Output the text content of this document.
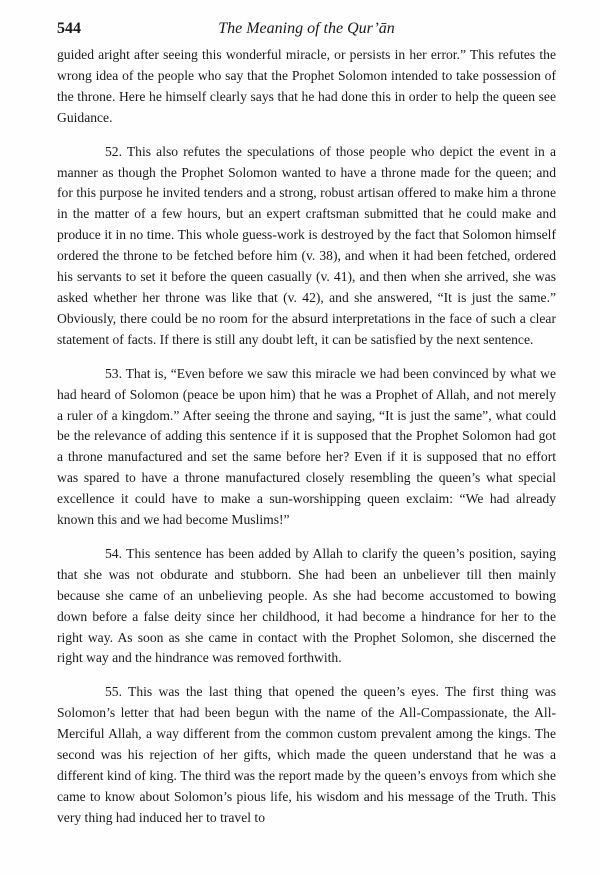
544	The Meaning of the Qur’ān

guided aright after seeing this wonderful miracle, or persists in her error.” This refutes the wrong idea of the people who say that the Prophet Solomon intended to take possession of the throne. Here he himself clearly says that he had done this in order to help the queen see Guidance.

52. This also refutes the speculations of those people who depict the event in a manner as though the Prophet Solomon wanted to have a throne made for the queen; and for this purpose he invited tenders and a strong, robust artisan offered to make him a throne in the matter of a few hours, but an expert craftsman submitted that he could make and produce it in no time. This whole guess-work is destroyed by the fact that Solomon himself ordered the throne to be fetched before him (v. 38), and when it had been fetched, ordered his servants to set it before the queen casually (v. 41), and then when she arrived, she was asked whether her throne was like that (v. 42), and she answered, “It is just the same.” Obviously, there could be no room for the absurd interpretations in the face of such a clear statement of facts. If there is still any doubt left, it can be satisfied by the next sentence.

53. That is, “Even before we saw this miracle we had been convinced by what we had heard of Solomon (peace be upon him) that he was a Prophet of Allah, and not merely a ruler of a kingdom.” After seeing the throne and saying, “It is just the same”, what could be the relevance of adding this sentence if it is supposed that the Prophet Solomon had got a throne manufactured and set the same before her? Even if it is supposed that no effort was spared to have a throne manufactured closely resembling the queen’s what special excellence it could have to make a sun-worshipping queen exclaim: “We had already known this and we had become Muslims!”

54. This sentence has been added by Allah to clarify the queen’s position, saying that she was not obdurate and stubborn. She had been an unbeliever till then mainly because she came of an unbelieving people. As she had become accustomed to bowing down before a false deity since her childhood, it had become a hindrance for her to the right way. As soon as she came in contact with the Prophet Solomon, she discerned the right way and the hindrance was removed forthwith.

55. This was the last thing that opened the queen’s eyes. The first thing was Solomon’s letter that had been begun with the name of the All-Compassionate, the All-Merciful Allah, a way different from the common custom prevalent among the kings. The second was his rejection of her gifts, which made the queen understand that he was a different kind of king. The third was the report made by the queen’s envoys from which she came to know about Solomon’s pious life, his wisdom and his message of the Truth. This very thing had induced her to travel to
